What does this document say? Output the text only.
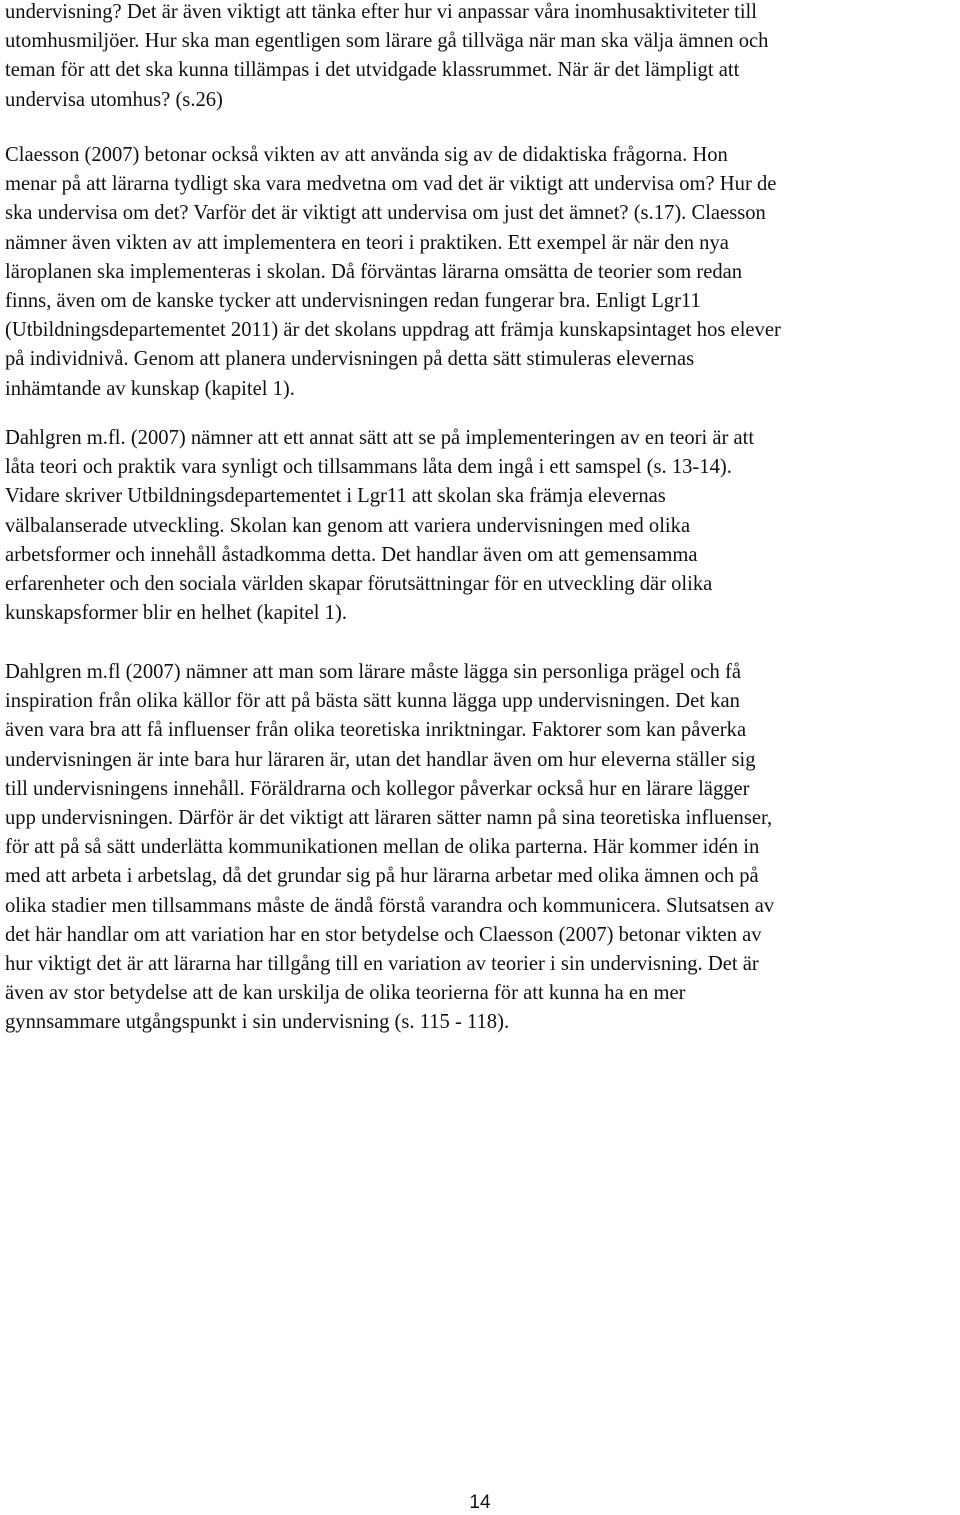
undervisning? Det är även viktigt att tänka efter hur vi anpassar våra inomhusaktiviteter till
utomhusmiljöer. Hur ska man egentligen som lärare gå tillväga när man ska välja ämnen och
teman för att det ska kunna tillämpas i det utvidgade klassrummet. När är det lämpligt att
undervisa utomhus? (s.26)

Claesson (2007) betonar också vikten av att använda sig av de didaktiska frågorna. Hon
menar på att lärarna tydligt ska vara medvetna om vad det är viktigt att undervisa om? Hur de
ska undervisa om det? Varför det är viktigt att undervisa om just det ämnet? (s.17). Claesson
nämner även vikten av att implementera en teori i praktiken. Ett exempel är när den nya
läroplanen ska implementeras i skolan. Då förväntas lärarna omsätta de teorier som redan
finns, även om de kanske tycker att undervisningen redan fungerar bra. Enligt Lgr11
(Utbildningsdepartementet 2011) är det skolans uppdrag att främja kunskapsintaget hos elever
på individnivå. Genom att planera undervisningen på detta sätt stimuleras elevernas
inhämtande av kunskap (kapitel 1).

Dahlgren m.fl. (2007) nämner att ett annat sätt att se på implementeringen av en teori är att
låta teori och praktik vara synligt och tillsammans låta dem ingå i ett samspel (s. 13-14).
Vidare skriver Utbildningsdepartementet i Lgr11 att skolan ska främja elevernas
välbalanserade utveckling. Skolan kan genom att variera undervisningen med olika
arbetsformer och innehåll åstadkomma detta. Det handlar även om att gemensamma
erfarenheter och den sociala världen skapar förutsättningar för en utveckling där olika
kunskapsformer blir en helhet (kapitel 1).

Dahlgren m.fl (2007) nämner att man som lärare måste lägga sin personliga prägel och få
inspiration från olika källor för att på bästa sätt kunna lägga upp undervisningen. Det kan
även vara bra att få influenser från olika teoretiska inriktningar. Faktorer som kan påverka
undervisningen är inte bara hur läraren är, utan det handlar även om hur eleverna ställer sig
till undervisningens innehåll. Föräldrarna och kollegor påverkar också hur en lärare lägger
upp undervisningen. Därför är det viktigt att läraren sätter namn på sina teoretiska influenser,
för att på så sätt underlätta kommunikationen mellan de olika parterna. Här kommer idén in
med att arbeta i arbetslag, då det grundar sig på hur lärarna arbetar med olika ämnen och på
olika stadier men tillsammans måste de ändå förstå varandra och kommunicera. Slutsatsen av
det här handlar om att variation har en stor betydelse och Claesson (2007) betonar vikten av
hur viktigt det är att lärarna har tillgång till en variation av teorier i sin undervisning. Det är
även av stor betydelse att de kan urskilja de olika teorierna för att kunna ha en mer
gynnsammare utgångspunkt i sin undervisning (s. 115 - 118).

14
